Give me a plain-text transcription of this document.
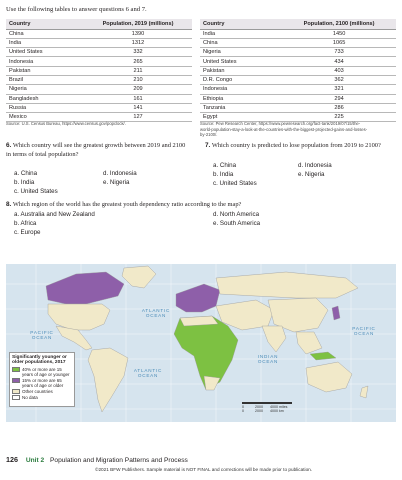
Use the following tables to answer questions 6 and 7.
Country	Population, 2019 (millions)
China	1390
India	1312
United States	332
Indonesia	265
Pakistan	211
Brazil	210
Nigeria	209
Bangladesh	161
Russia	141
Mexico	127
Source: U.S. Census Bureau, https://www.census.gov/popclock/.
Country	Population, 2100 (millions)
India	1450
China	1065
Nigeria	733
United States	434
Pakistan	403
D.R. Congo	362
Indonesia	321
Ethiopia	294
Tanzania	286
Egypt	225
Source: Pew Research Center, https://www.pewresearch.org/fact-tank/2019/07/15/the-world-population-stay-a-look-at-the-countries-with-the-biggest-projected-gains-and-losses-by-2100/.
6. Which country will see the greatest growth between 2019 and 2100 in terms of total population?
a. China
b. India
c. United States
d. Indonesia
e. Nigeria
7. Which country is predicted to lose population from 2019 to 2100?
a. China
b. India
c. United States
d. Indonesia
e. Nigeria
8. Which region of the world has the greatest youth dependency ratio according to the map?
a. Australia and New Zealand
b. Africa
c. Europe
d. North America
e. South America
ATLANTIC OCEAN
ATLANTIC OCEAN
PACIFIC OCEAN
PACIFIC OCEAN
INDIAN OCEAN
0	2000 4000 miles
0	2000 4000 km
Significantly younger or older populations, 2017
40% or more are 15 years of age or younger
15% or more are 65 years of age or older
Other countries
No data
126 Unit 2 Population and Migration Patterns and Process
©2021 BFW Publishers. Sample material is NOT FINAL and corrections will be made prior to publication.
